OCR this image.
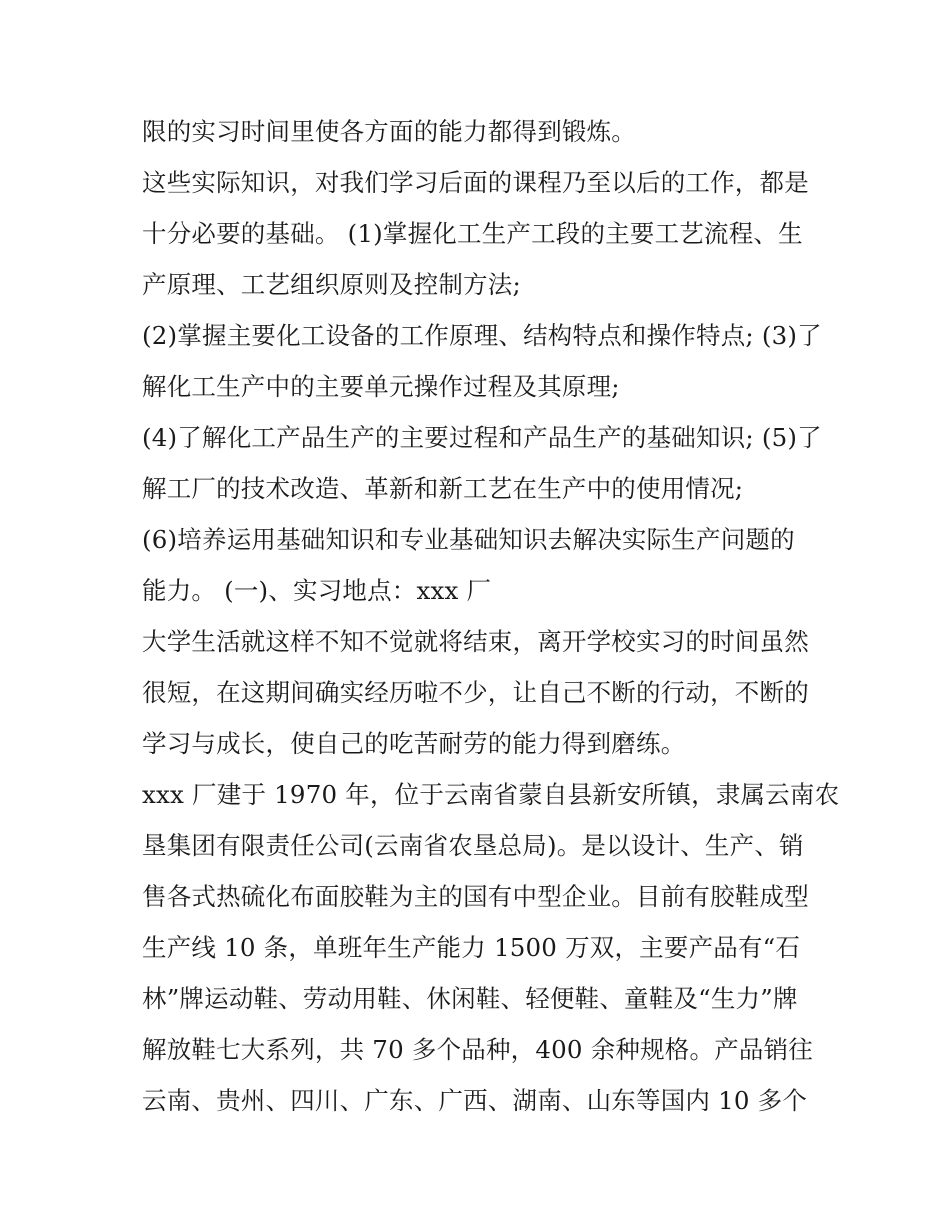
限的实习时间里使各方面的能力都得到锻炼。
这些实际知识，对我们学习后面的课程乃至以后的工作，都是
十分必要的基础。 (1)掌握化工生产工段的主要工艺流程、生
产原理、工艺组织原则及控制方法;
(2)掌握主要化工设备的工作原理、结构特点和操作特点; (3)了
解化工生产中的主要单元操作过程及其原理;
(4)了解化工产品生产的主要过程和产品生产的基础知识; (5)了
解工厂的技术改造、革新和新工艺在生产中的使用情况;
(6)培养运用基础知识和专业基础知识去解决实际生产问题的
能力。 (一)、实习地点：xxx 厂
大学生活就这样不知不觉就将结束，离开学校实习的时间虽然
很短，在这期间确实经历啦不少，让自己不断的行动，不断的
学习与成长，使自己的吃苦耐劳的能力得到磨练。
xxx 厂建于 1970 年，位于云南省蒙自县新安所镇，隶属云南农
垦集团有限责任公司(云南省农垦总局)。是以设计、生产、销
售各式热硫化布面胶鞋为主的国有中型企业。目前有胶鞋成型
生产线 10 条，单班年生产能力 1500 万双，主要产品有“石
林”牌运动鞋、劳动用鞋、休闲鞋、轻便鞋、童鞋及“生力”牌
解放鞋七大系列，共 70 多个品种，400 余种规格。产品销往
云南、贵州、四川、广东、广西、湖南、山东等国内 10 多个
